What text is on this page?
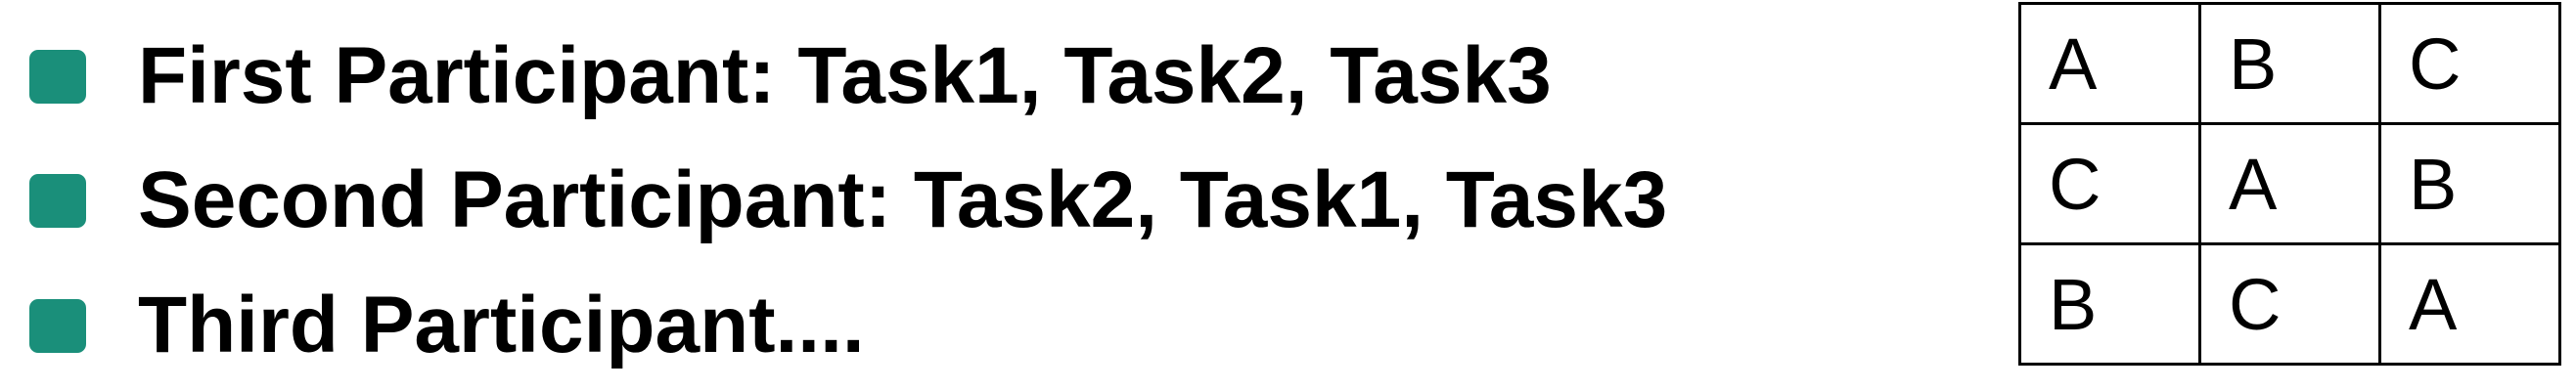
First Participant: Task1, Task2, Task3
Second Participant: Task2, Task1, Task3
Third Participant....
A	B	C
C	A	B
B	C	A
